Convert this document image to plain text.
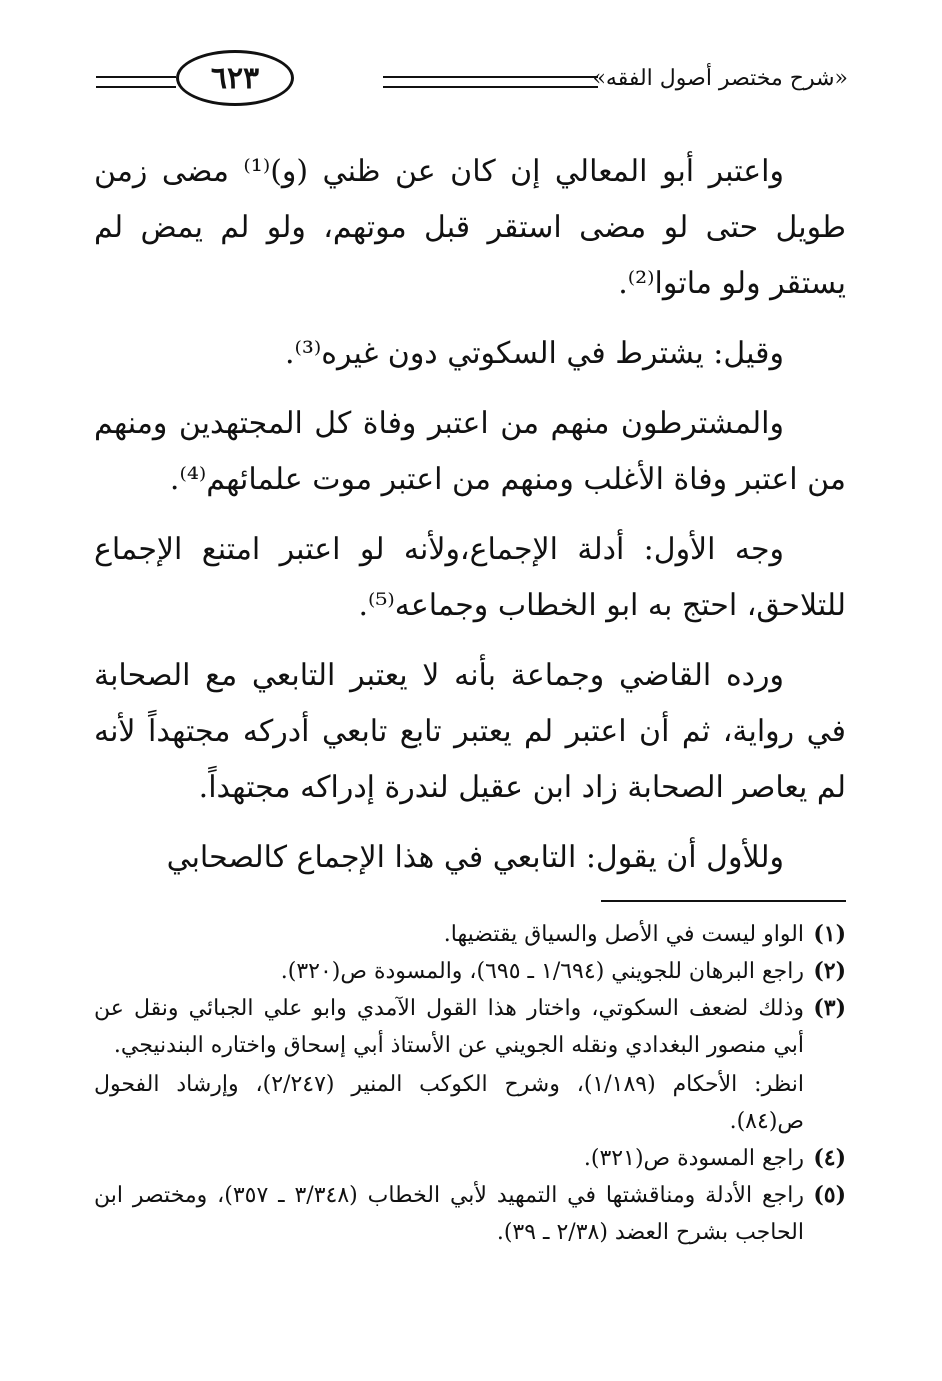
«شرح مختصر أصول الفقه»
٦٢٣

واعتبر أبو المعالي إن كان عن ظني (و)⁽¹⁾ مضى زمن طويل حتى لو مضى استقر قبل موتهم، ولو لم يمض لم يستقر ولو ماتوا⁽²⁾.

وقيل: يشترط في السكوتي دون غيره⁽³⁾.

والمشترطون منهم من اعتبر وفاة كل المجتهدين ومنهم من اعتبر وفاة الأغلب ومنهم من اعتبر موت علمائهم⁽⁴⁾.

وجه الأول: أدلة الإجماع،ولأنه لو اعتبر امتنع الإجماع للتلاحق، احتج به ابو الخطاب وجماعه⁽⁵⁾.

ورده القاضي وجماعة بأنه لا يعتبر التابعي مع الصحابة في رواية، ثم أن اعتبر لم يعتبر تابع تابعي أدركه مجتهداً لأنه لم يعاصر الصحابة زاد ابن عقيل لندرة إدراكه مجتهداً.

وللأول أن يقول: التابعي في هذا الإجماع كالصحابي

(١)
الواو ليست في الأصل والسياق يقتضيها.
(٢)
راجع البرهان للجويني (١/٦٩٤ ـ ٦٩٥)، والمسودة ص(٣٢٠).
(٣)
وذلك لضعف السكوتي، واختار هذا القول الآمدي وابو علي الجبائي ونقل عن أبي منصور البغدادي ونقله الجويني عن الأستاذ أبي إسحاق واختاره البندنيجي.
انظر: الأحكام (١/١٨٩)، وشرح الكوكب المنير (٢/٢٤٧)، وإرشاد الفحول ص(٨٤).
(٤)
راجع المسودة ص(٣٢١).
(٥)
راجع الأدلة ومناقشتها في التمهيد لأبي الخطاب (٣/٣٤٨ ـ ٣٥٧)، ومختصر ابن الحاجب بشرح العضد (٢/٣٨ ـ ٣٩).
